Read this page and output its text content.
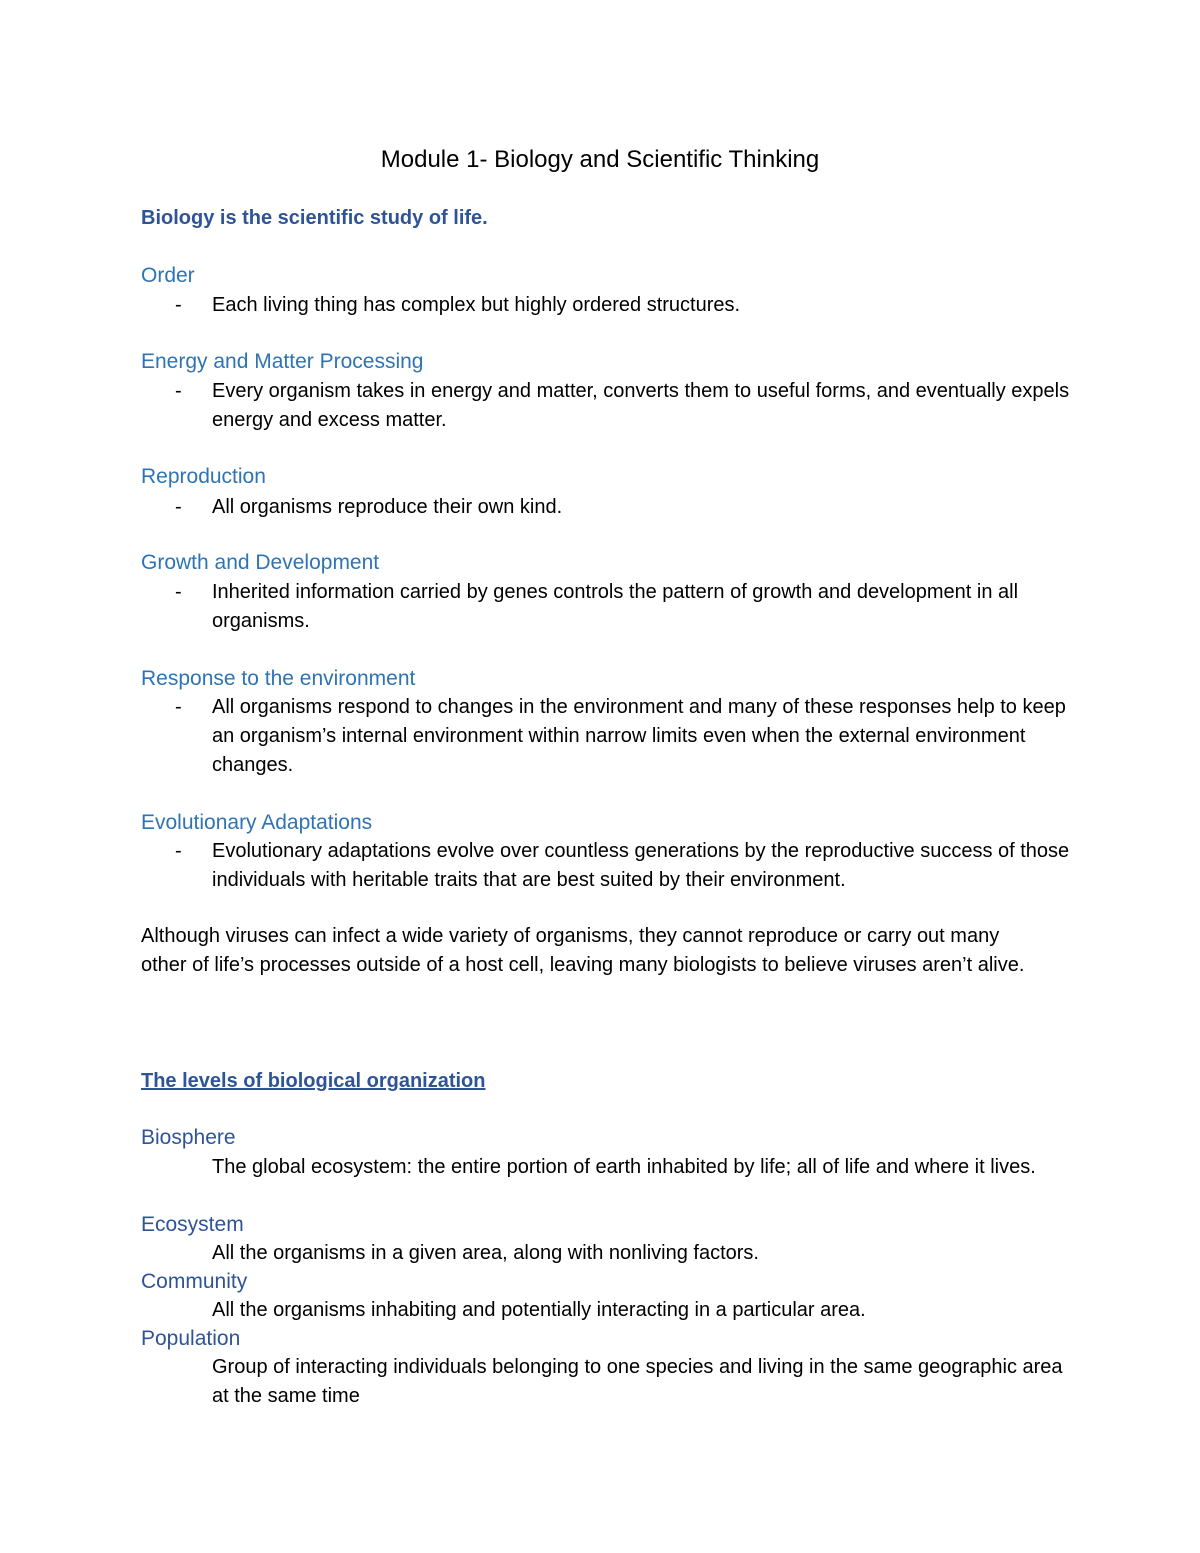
Module 1- Biology and Scientific Thinking
Biology is the scientific study of life.
Order
- Each living thing has complex but highly ordered structures.
Energy and Matter Processing
- Every organism takes in energy and matter, converts them to useful forms, and eventually expels energy and excess matter.
Reproduction
- All organisms reproduce their own kind.
Growth and Development
- Inherited information carried by genes controls the pattern of growth and development in all organisms.
Response to the environment
- All organisms respond to changes in the environment and many of these responses help to keep an organism’s internal environment within narrow limits even when the external environment changes.
Evolutionary Adaptations
- Evolutionary adaptations evolve over countless generations by the reproductive success of those individuals with heritable traits that are best suited by their environment.
Although viruses can infect a wide variety of organisms, they cannot reproduce or carry out many other of life’s processes outside of a host cell, leaving many biologists to believe viruses aren’t alive.
The levels of biological organization
Biosphere
The global ecosystem: the entire portion of earth inhabited by life; all of life and where it lives.
Ecosystem
All the organisms in a given area, along with nonliving factors.
Community
All the organisms inhabiting and potentially interacting in a particular area.
Population
Group of interacting individuals belonging to one species and living in the same geographic area at the same time
